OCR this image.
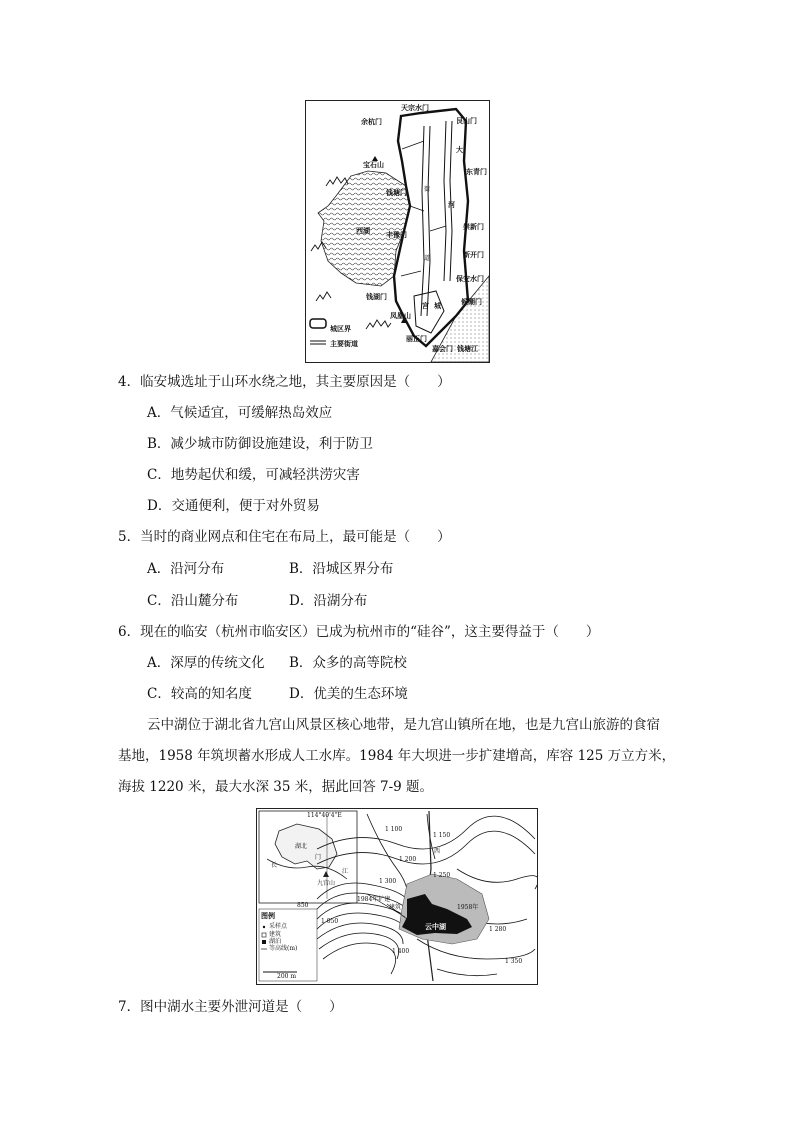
天宗水门
艮山门
余杭门
大
宝石山
东青门
钱塘门	街
河
崇新门
西湖 丰豫门
新开门
道
保安水门
候潮门
钱湖门
宫 城
凤凰山
城区界
主要街道
丽正门
嘉会门 钱塘江
4．临安城选址于山环水绕之地，其主要原因是（　　）
A．气候适宜，可缓解热岛效应
B．减少城市防御设施建设，利于防卫
C．地势起伏和缓，可减轻洪涝灾害
D．交通便利，便于对外贸易
5．当时的商业网点和住宅在布局上，最可能是（　　）
A．沿河分布	B．沿城区界分布
C．沿山麓分布	D．沿湖分布
6．现在的临安（杭州市临安区）已成为杭州市的“硅谷”，这主要得益于（　　）
A．深厚的传统文化 B．众多的高等院校
C．较高的知名度	D．优美的生态环境
云中湖位于湖北省九宫山风景区核心地带，是九宫山镇所在地，也是九宫山旅游的食宿
基地，1958 年筑坝蓄水形成人工水库。1984 年大坝进一步扩建增高，库容 125 万立方米，
海拔 1220 米，最大水深 35 米，据此回答 7-9 题。
114°40'4"E
湖北
长
江
九宫山
图例
采样点
建筑
湖泊
等高线(m)
200 m
云中湖
1958年
1984年扩建
建筑
1 100
1 200
1 300
1 250
1 350
850
1 050
1 150
1 280
1 400
西
门
7．图中湖水主要外泄河道是（　　）
